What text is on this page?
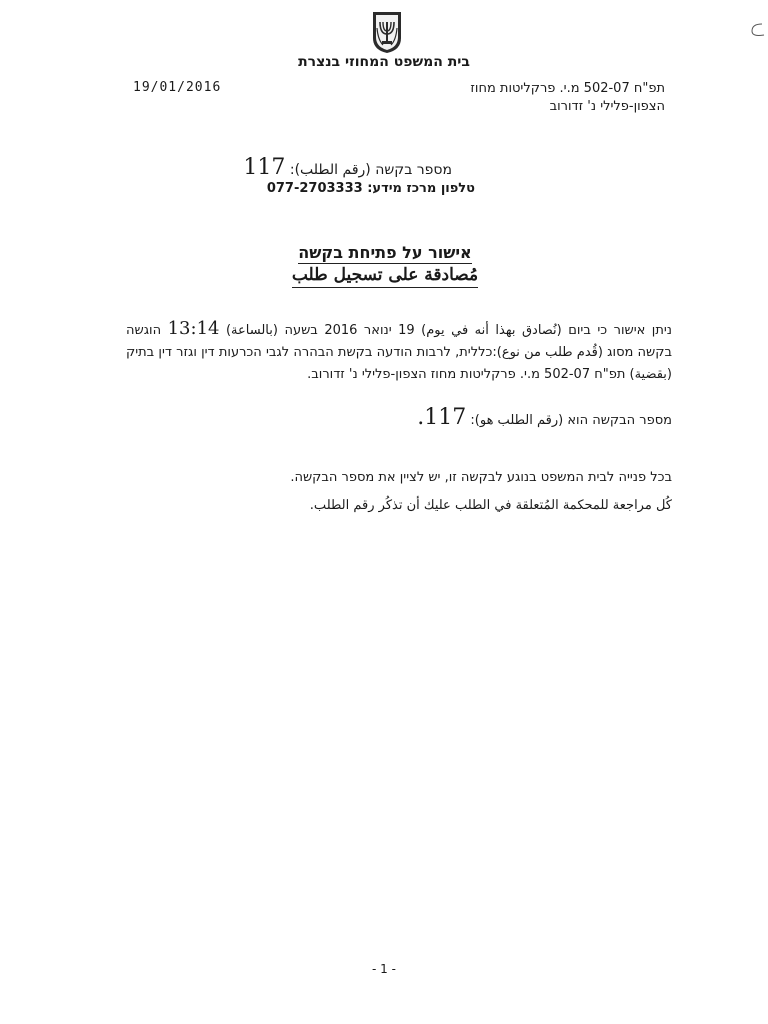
בית המשפט המחוזי בנצרת
19/01/2016	תפ"ח 502-07 מ.י. פרקליטות מחוז
הצפון-פלילי נ' זדורוב
מספר בקשה (رقم الطلب): 117
טלפון מרכז מידע: 077-2703333
אישור על פתיחת בקשה
مُصادقة على تسجيل طلب
ניתן אישור כי ביום (نُصادق بهذا أنه في يوم) 19 ינואר 2016 בשעה (بالساعة) 13:14 הוגשה בקשה מסוג (قُدم طلب من نوع):כללית, לרבות הודעה בקשת הבהרה לגבי הכרעות דין וגזר דין בתיק (بقضية) תפ"ח 502-07 מ.י. פרקליטות מחוז הצפון-פלילי נ' זדורוב.
מספר הבקשה הוא (رقم الطلب هو): 117.
בכל פנייה לבית המשפט בנוגע לבקשה זו, יש לציין את מספר הבקשה.
كُل مراجعة للمحكمة المُتعلقة في الطلب عليك أن تذكُر رقم الطلب.
- 1 -
